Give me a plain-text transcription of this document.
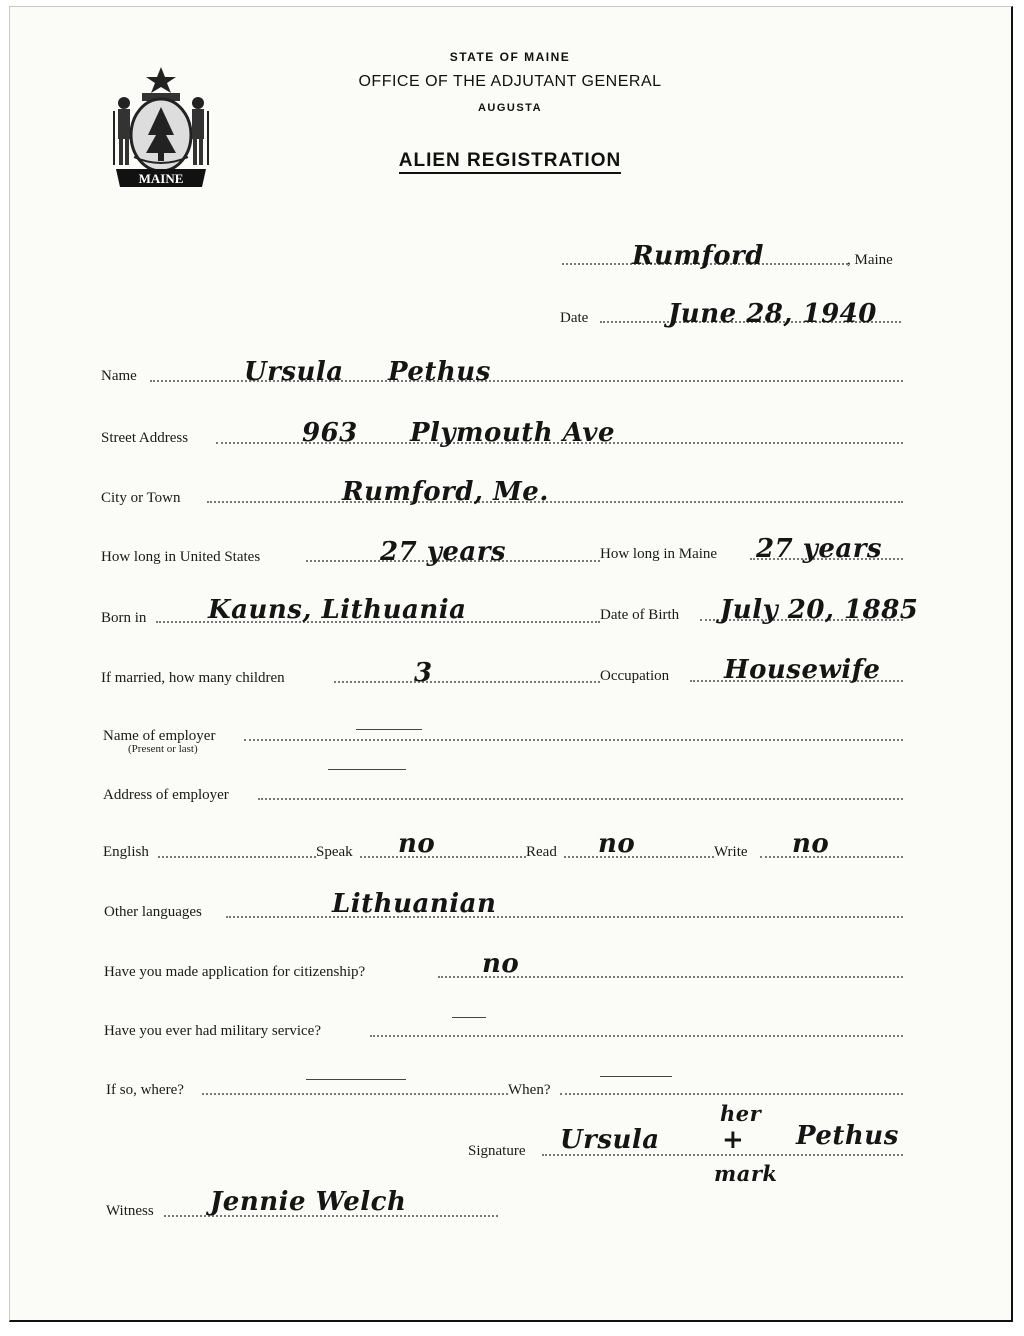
MAINE
STATE OF MAINE
OFFICE OF THE ADJUTANT GENERAL
AUGUSTA
ALIEN REGISTRATION
Rumford	, Maine
Date	June 28, 1940
Name	Ursula Pethus
Street Address	963 Plymouth Ave
City or Town	Rumford, Me.
How long in United States	27 years	How long in Maine 27 years
Born in Kauns, Lithuania	Date of Birth July 20, 1885
If married, how many children	3	Occupation Housewife
Name of employer
(Present or last)
Address of employer
English	Speak no	Read no	Write no
Other languages	Lithuanian
Have you made application for citizenship?	no
Have you ever had military service?
If so, where?	When?
Signature Ursula
her
+ Pethus
mark
Witness Jennie Welch
